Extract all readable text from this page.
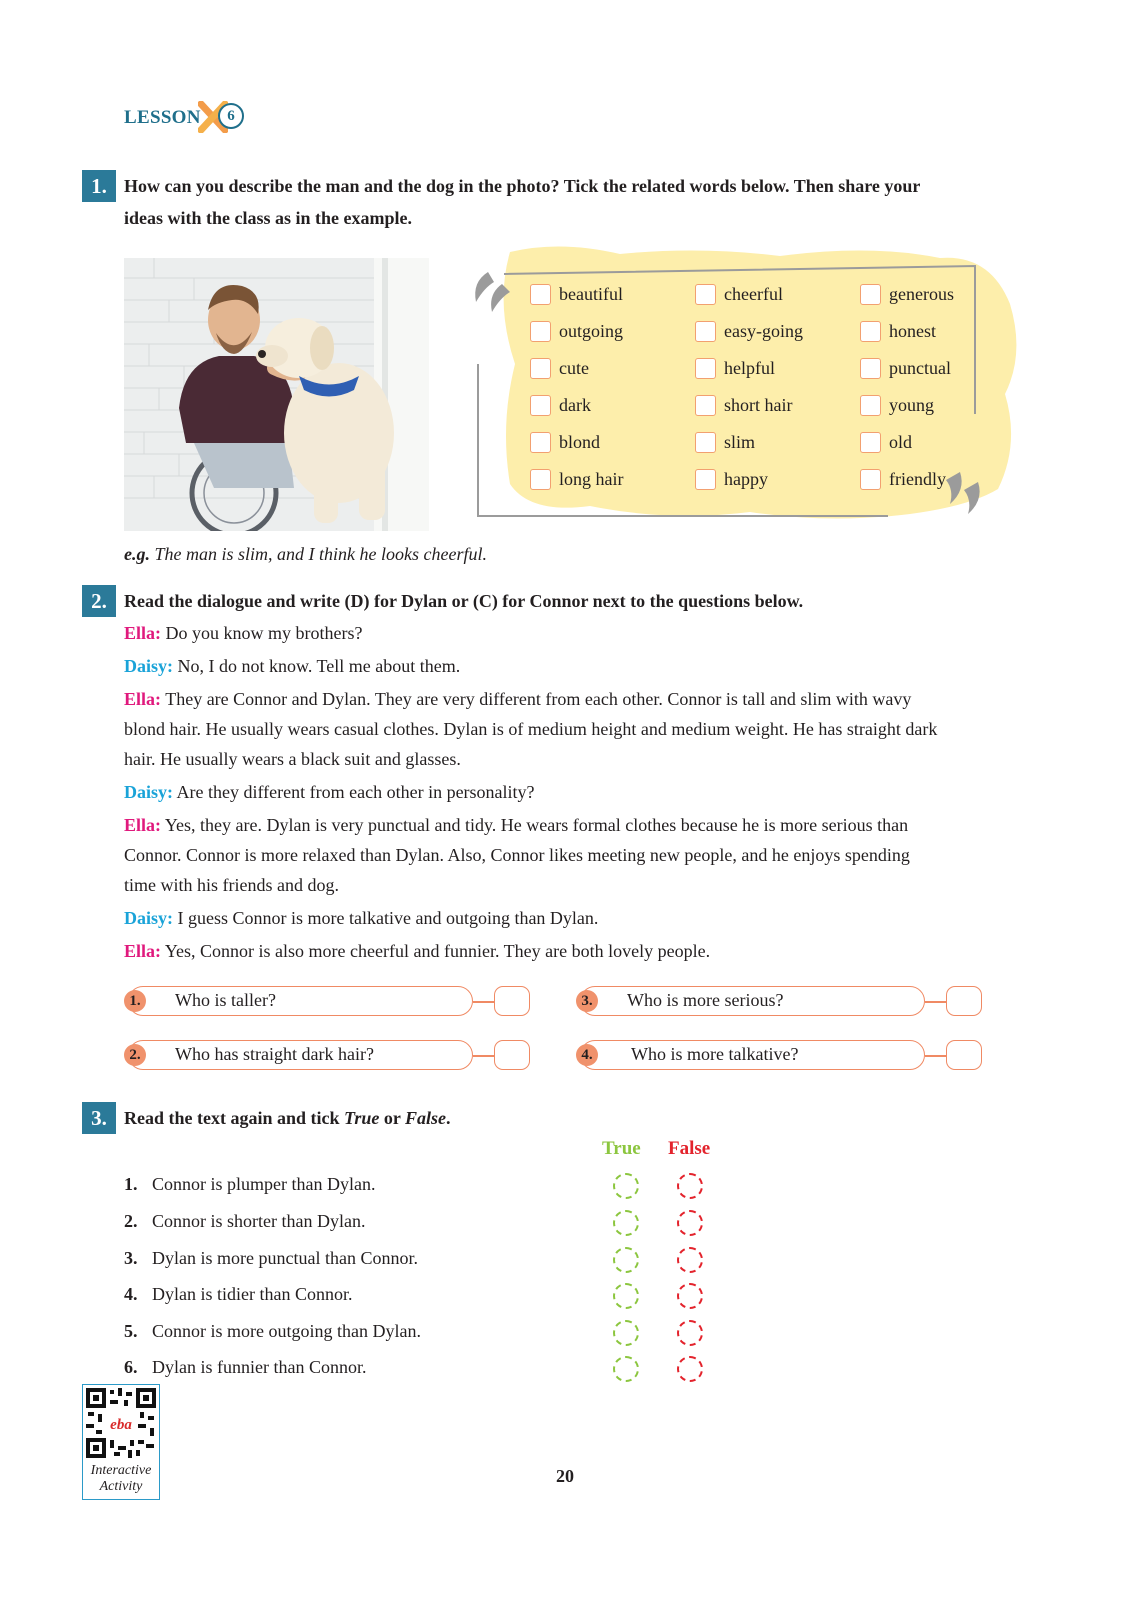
LESSON	6
1. How can you describe the man and the dog in the photo? Tick the related words below. Then share your
ideas with the class as in the example.
beautiful
outgoing
cute
dark
blond
long hair
cheerful
easy-going
helpful
short hair
slim
happy
generous
honest
punctual
young
old
friendly
e.g. The man is slim, and I think he looks cheerful.
2. Read the dialogue and write (D) for Dylan or (C) for Connor next to the questions below.
Ella: Do you know my brothers?
Daisy: No, I do not know. Tell me about them.
Ella: They are Connor and Dylan. They are very different from each other. Connor is tall and slim with wavy
blond hair. He usually wears casual clothes. Dylan is of medium height and medium weight. He has straight dark
hair. He usually wears a black suit and glasses.
Daisy: Are they different from each other in personality?
Ella: Yes, they are. Dylan is very punctual and tidy. He wears formal clothes because he is more serious than
Connor. Connor is more relaxed than Dylan. Also, Connor likes meeting new people, and he enjoys spending
time with his friends and dog.
Daisy: I guess Connor is more talkative and outgoing than Dylan.
Ella: Yes, Connor is also more cheerful and funnier. They are both lovely people.
Who is taller?
1.
Who has straight dark hair?
2.
Who is more serious?
3.
Who is more talkative?
4.
3. Read the text again and tick True or False.
True False
1. Connor is plumper than Dylan.
2. Connor is shorter than Dylan.
3. Dylan is more punctual than Connor.
4. Dylan is tidier than Connor.
5. Connor is more outgoing than Dylan.
6. Dylan is funnier than Connor.
eba
Interactive
Activity
20
